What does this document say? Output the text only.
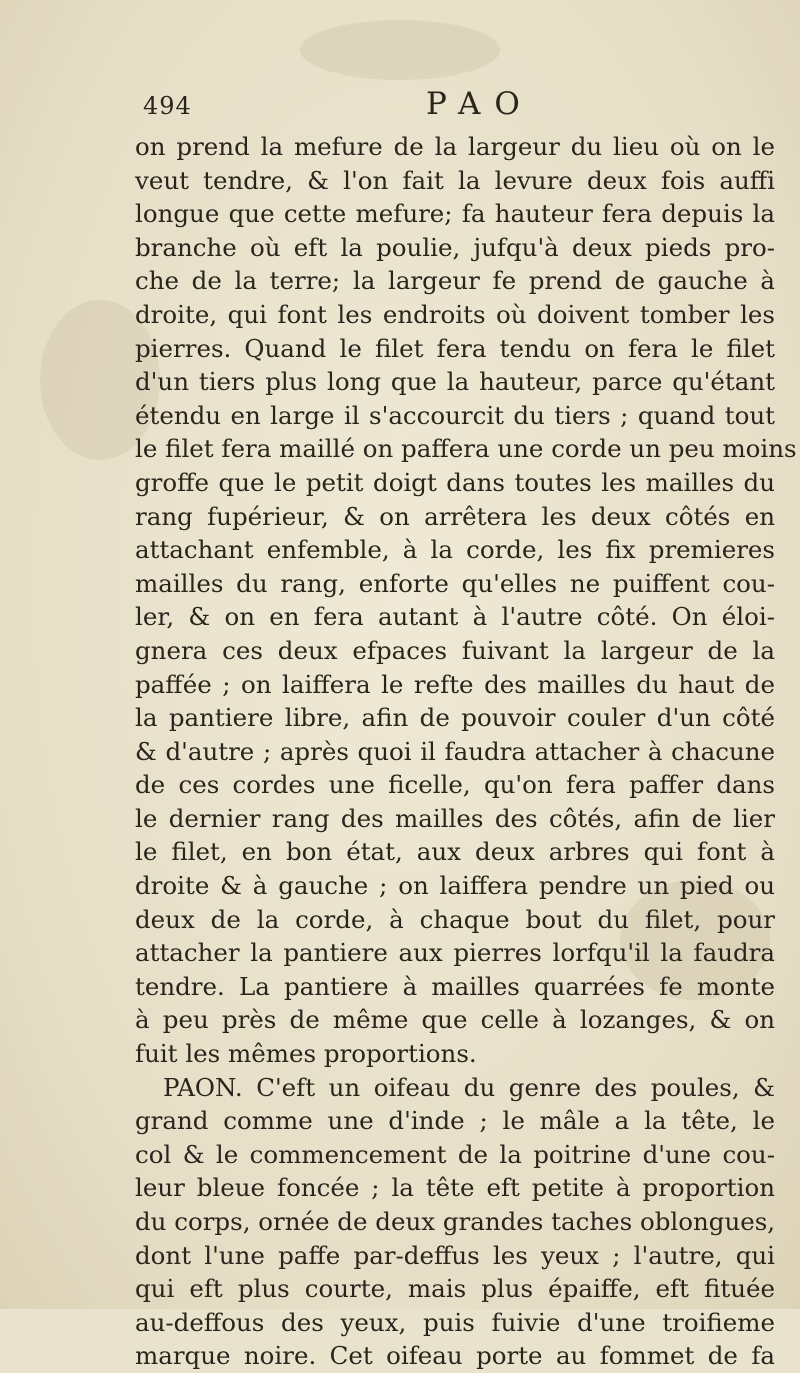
494	PAO
on prend la mefure de la largeur du lieu où on le
veut tendre, & l'on fait la levure deux fois auffi
longue que cette mefure; fa hauteur fera depuis la
branche où eft la poulie, jufqu'à deux pieds pro-
che de la terre; la largeur fe prend de gauche à
droite, qui font les endroits où doivent tomber les
pierres. Quand le filet fera tendu on fera le filet
d'un tiers plus long que la hauteur, parce qu'étant
étendu en large il s'accourcit du tiers ; quand tout
le filet fera maillé on paffera une corde un peu moins
groffe que le petit doigt dans toutes les mailles du
rang fupérieur, & on arrêtera les deux côtés en
attachant enfemble, à la corde, les fix premieres
mailles du rang, enforte qu'elles ne puiffent cou-
ler, & on en fera autant à l'autre côté. On éloi-
gnera ces deux efpaces fuivant la largeur de la
paffée ; on laiffera le refte des mailles du haut de
la pantiere libre, afin de pouvoir couler d'un côté
& d'autre ; après quoi il faudra attacher à chacune
de ces cordes une ficelle, qu'on fera paffer dans
le dernier rang des mailles des côtés, afin de lier
le filet, en bon état, aux deux arbres qui font à
droite & à gauche ; on laiffera pendre un pied ou
deux de la corde, à chaque bout du filet, pour
attacher la pantiere aux pierres lorfqu'il la faudra
tendre. La pantiere à mailles quarrées fe monte
à peu près de même que celle à lozanges, & on
fuit les mêmes proportions.
PAON. C'eft un oifeau du genre des poules, &
grand comme une d'inde ; le mâle a la tête, le
col & le commencement de la poitrine d'une cou-
leur bleue foncée ; la tête eft petite à proportion
du corps, ornée de deux grandes taches oblongues,
dont l'une paffe par-deffus les yeux ; l'autre, qui
qui eft plus courte, mais plus épaiffe, eft fituée
au-deffous des yeux, puis fuivie d'une troifieme
marque noire. Cet oifeau porte au fommet de fa
